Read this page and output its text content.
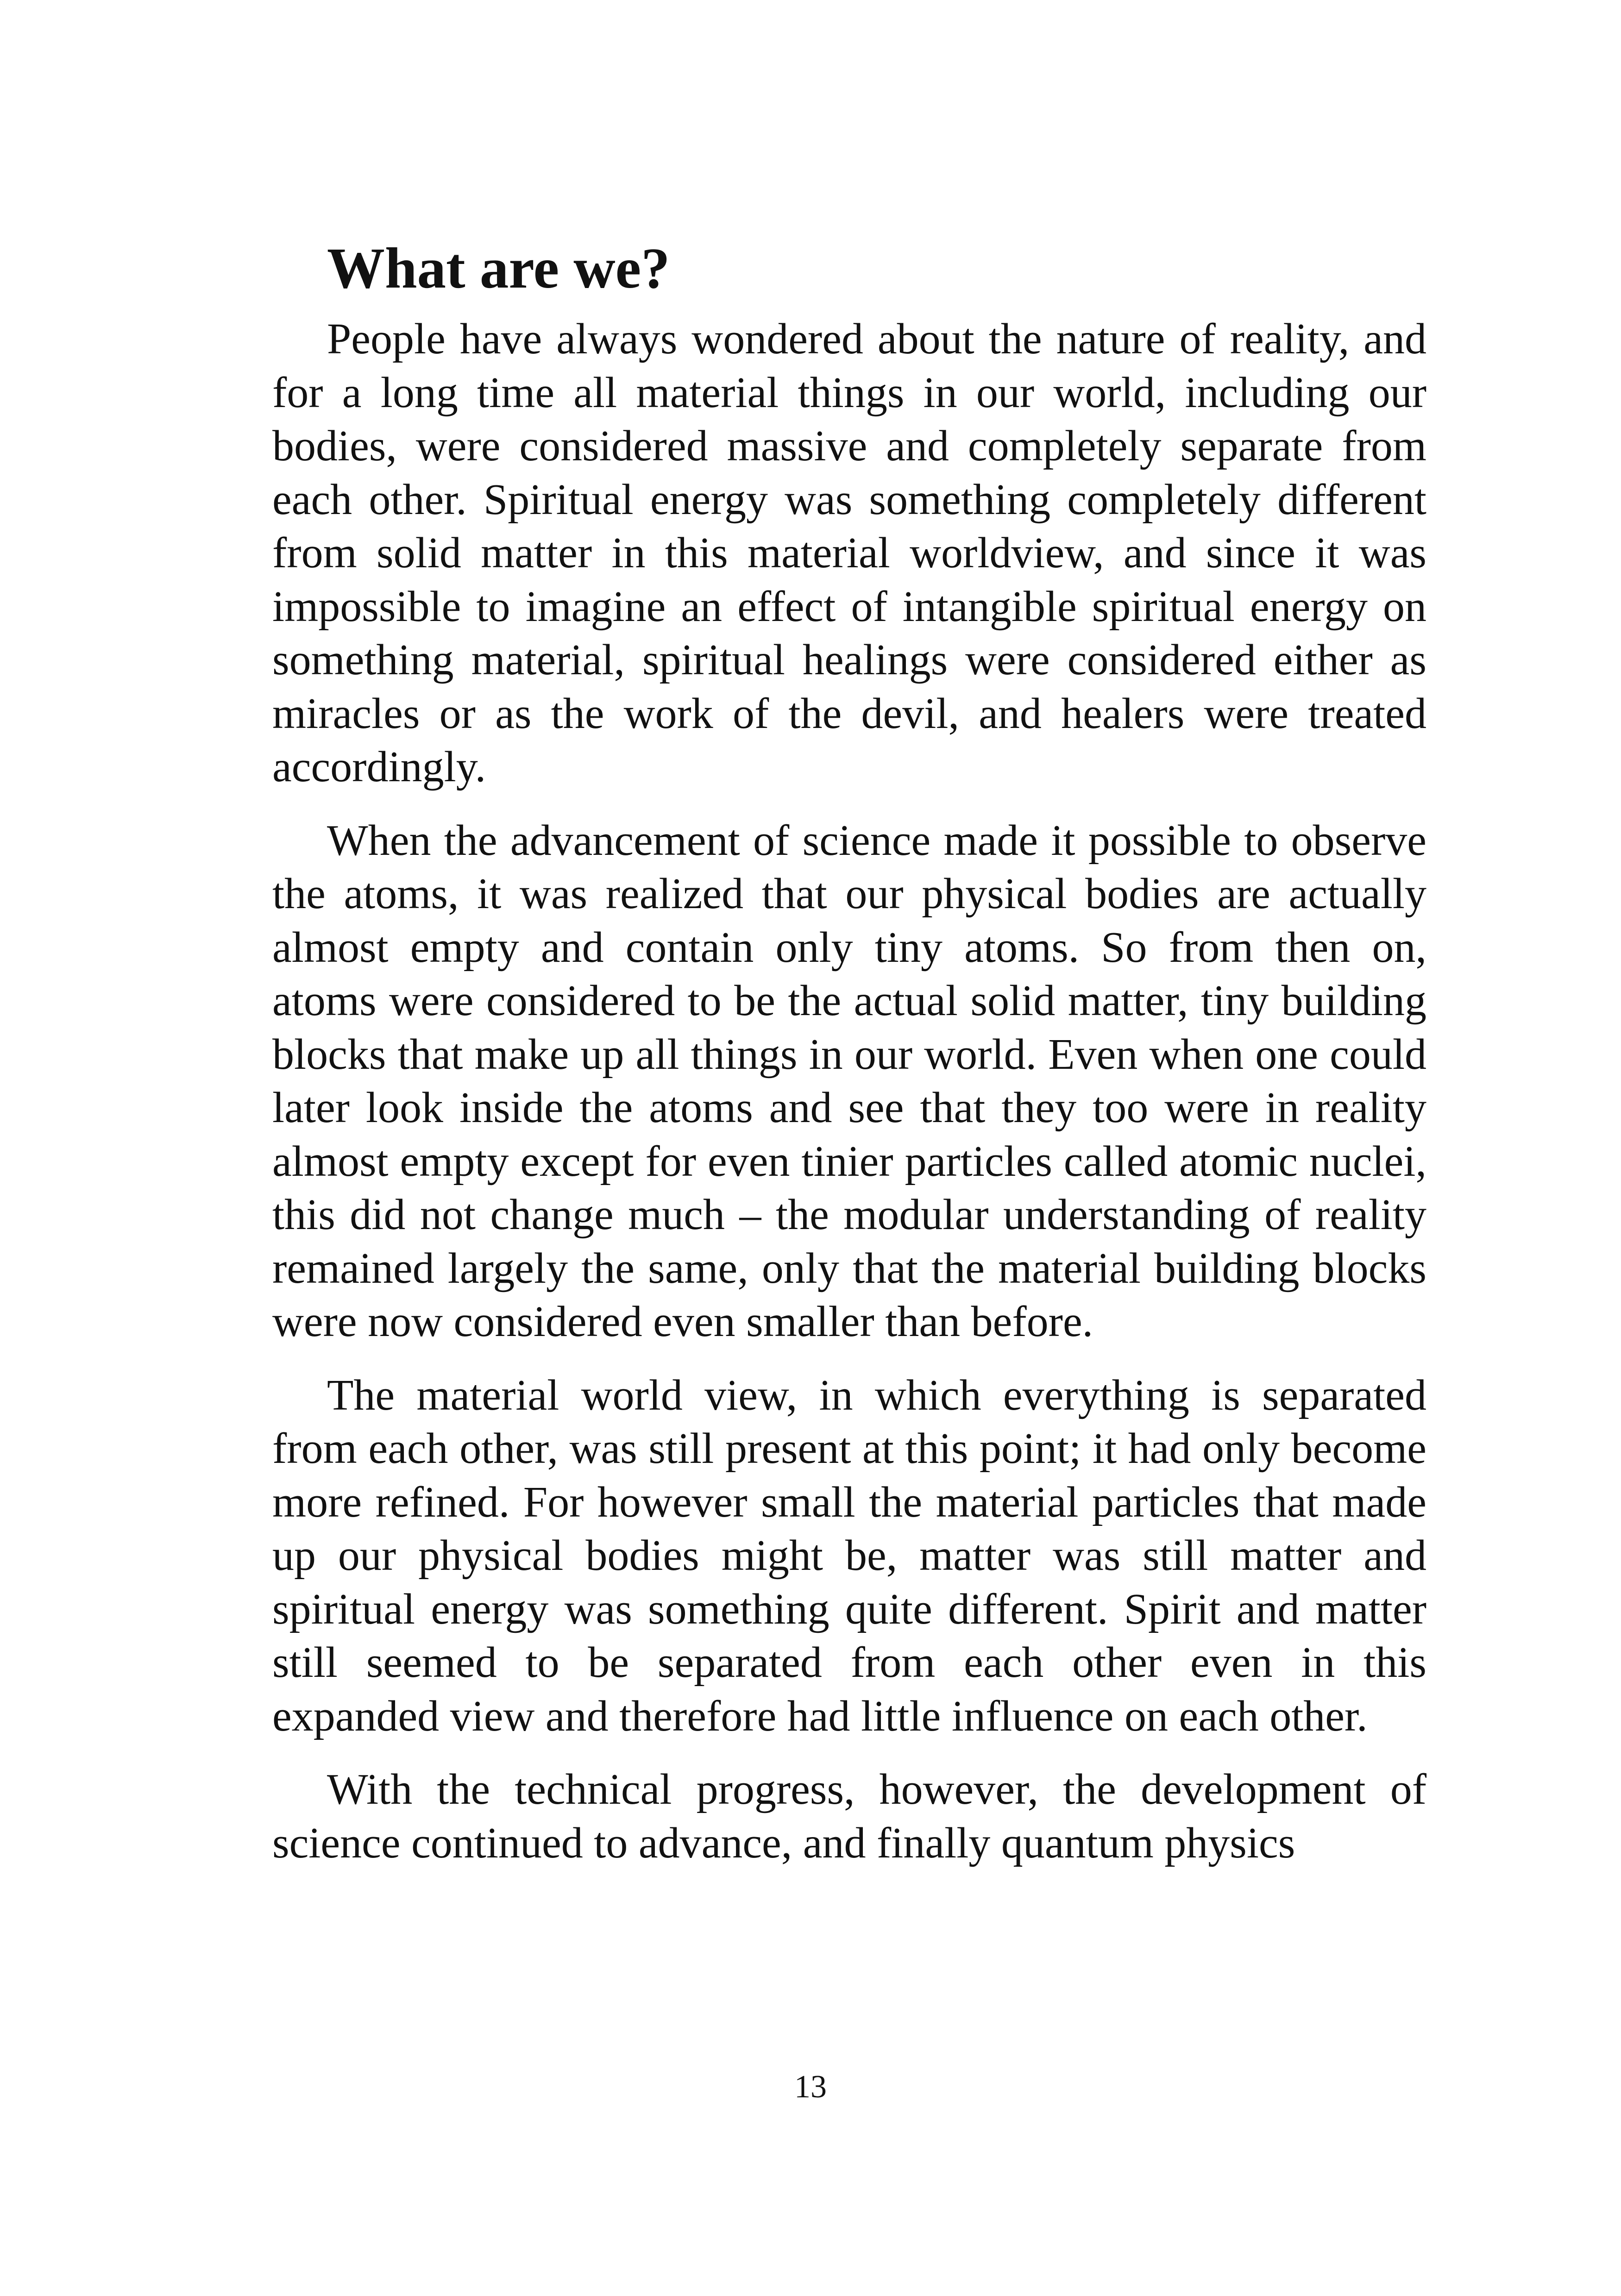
What are we?

People have always wondered about the nature of reality, and for a long time all material things in our world, including our bodies, were considered massive and completely separate from each other. Spiritual energy was something completely different from solid matter in this material worldview, and since it was impossible to imagine an effect of intangible spiritual energy on something material, spiritual healings were considered either as miracles or as the work of the devil, and healers were treated accordingly.

When the advancement of science made it possible to observe the atoms, it was realized that our physical bodies are actually almost empty and contain only tiny atoms. So from then on, atoms were considered to be the actual solid matter, tiny building blocks that make up all things in our world. Even when one could later look inside the atoms and see that they too were in reality almost empty except for even tinier particles called atomic nuclei, this did not change much – the modular understanding of reality remained largely the same, only that the material building blocks were now considered even smaller than before.

The material world view, in which everything is separated from each other, was still present at this point; it had only become more refined. For however small the material particles that made up our physical bodies might be, matter was still matter and spiritual energy was something quite different. Spirit and matter still seemed to be separated from each other even in this expanded view and therefore had little influence on each other.

With the technical progress, however, the development of science continued to advance, and finally quantum physics

13
